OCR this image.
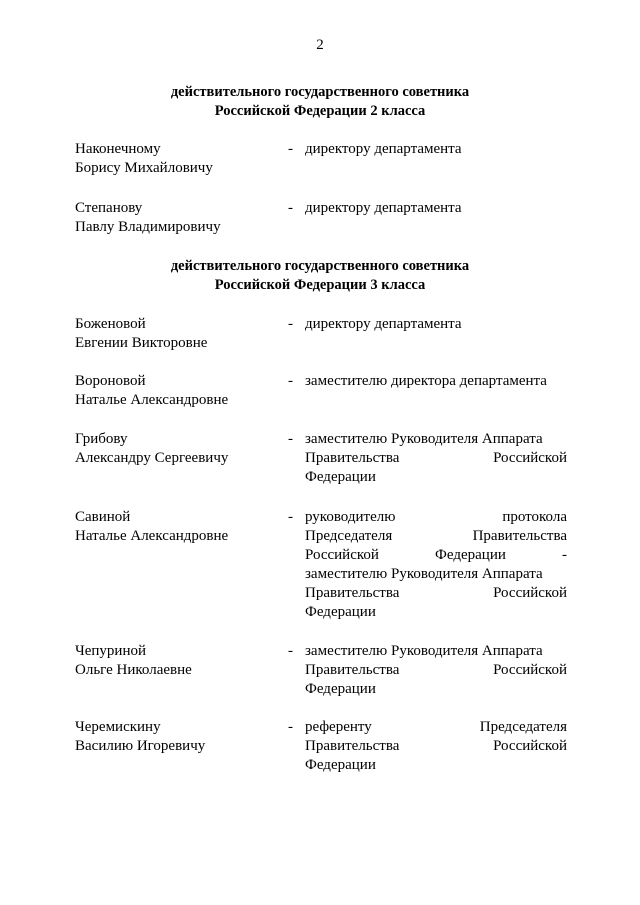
2
действительного государственного советника
Российской Федерации 2 класса
Наконечному
Борису Михайловичу
- директору департамента
Степанову
Павлу Владимировичу
- директору департамента
действительного государственного советника
Российской Федерации 3 класса
Боженовой
Евгении Викторовне
- директору департамента
Вороновой
Наталье Александровне
- заместителю директора департамента
Грибову
Александру Сергеевичу
- заместителю Руководителя Аппарата
Правительства	Российской
Федерации
Савиной
Наталье Александровне
- руководителю	протокола
Председателя	Правительства
Российской	Федерации	-
заместителю Руководителя Аппарата
Правительства	Российской
Федерации
Чепуриной
Ольге Николаевне
- заместителю Руководителя Аппарата
Правительства	Российской
Федерации
Черемискину
Василию Игоревичу
- референту	Председателя
Правительства	Российской
Федерации
